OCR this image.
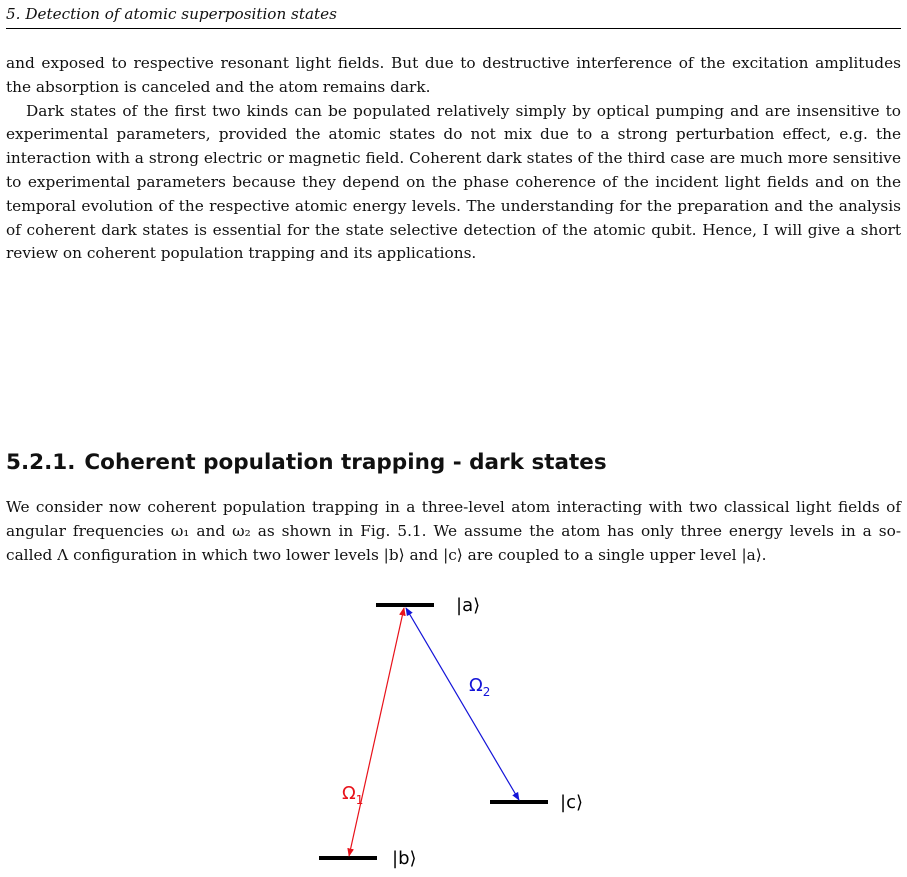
5. Detection of atomic superposition states

and exposed to respective resonant light fields. But due to destructive interference of the excitation amplitudes the absorption is canceled and the atom remains dark.

Dark states of the first two kinds can be populated relatively simply by optical pumping and are insensitive to experimental parameters, provided the atomic states do not mix due to a strong perturbation effect, e.g. the interaction with a strong electric or magnetic field. Coherent dark states of the third case are much more sensitive to experimental parameters because they depend on the phase coherence of the incident light fields and on the temporal evolution of the respective atomic energy levels. The understanding for the preparation and the analysis of coherent dark states is essential for the state selective detection of the atomic qubit. Hence, I will give a short review on coherent population trapping and its applications.

5.2.1. Coherent population trapping - dark states

We consider now coherent population trapping in a three-level atom interacting with two classical light fields of angular frequencies ω₁ and ω₂ as shown in Fig. 5.1. We assume the atom has only three energy levels in a so-called Λ configuration in which two lower levels |b⟩ and |c⟩ are coupled to a single upper level |a⟩.

|a⟩
|c⟩
|b⟩
$\Omega_1$
$\Omega_2$
